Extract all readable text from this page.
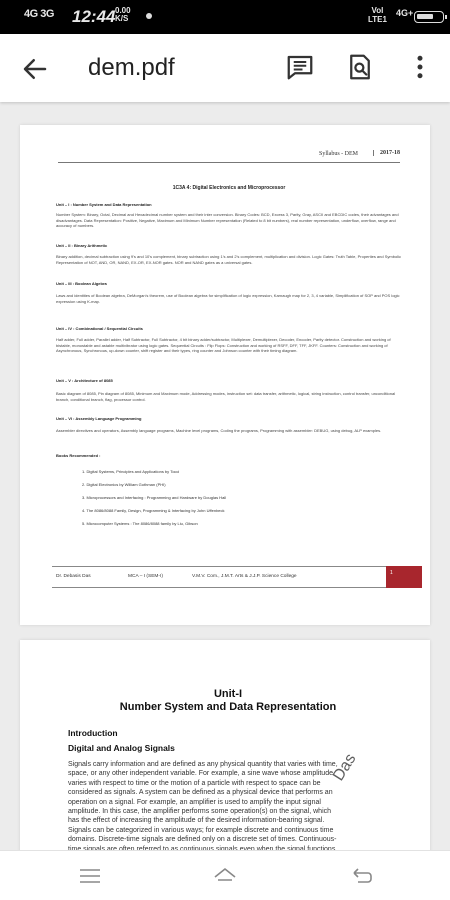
4G 3G 12:44 0.00
K/S
Vol
LTE1
4G+
dem.pdf
Syllabus - DEM	2017-18
1C3A 4: Digital Electronics and Microprocessor
Unit – I : Number System and Data Representation
Number System: Binary, Octal, Decimal and Hexadecimal number system and their inter conversion. Binary Codes: BCD, Excess 3, Parity, Gray, ASCII and EBCDIC codes, their advantages and disadvantages. Data Representation: Positive, Negative, Maximum and Minimum Number representation (Related to 8 bit numbers), real number representation, underflow, overflow, range and accuracy of numbers.
Unit – II : Binary Arithmetic
Binary addition, decimal subtraction using 9's and 10's complement, binary subtraction using 1's and 2's complement, multiplication and division. Logic Gates: Truth Table, Properties and Symbolic Representation of NOT, AND, OR, NAND, EX-OR, EX-NOR gates. NOR and NAND gates as a universal gates.
Unit – III : Boolean Algebra
Laws and identities of Boolean algebra, DeMorgan's theorem, use of Boolean algebra for simplification of logic expression, Karnaugh map for 2, 3, 4 variable, Simplification of SOP and POS logic expression using K-map.
Unit – IV : Combinational / Sequential Circuits
Half adder, Full adder, Parallel adder, Half Subtractor, Full Subtractor, 4 bit binary adder/subtractor, Multiplexer, Demultiplexer, Decoder, Encoder, Parity detector. Construction and working of bistable, monostable and astable multivibrator using logic gates. Sequential Circuits : Flip Flops: Construction and working of RSFF, DFF, TFF, JKFF. Counters: Construction and working of Asynchronous, Synchronous, up-down counter, shift register and their types, ring counter and Johnson counter with their timing diagram.
Unit – V : Architecture of 8085
Basic diagram of 8085, Pin diagram of 8085, Minimum and Maximum mode, Addressing modes, instruction set: data transfer, arithmetic, logical, string instruction, control transfer, unconditional branch, conditional branch, flag, processor control.
Unit – VI : Assembly Language Programming
Assembler directives and operators, Assembly language programs, Machine level programs, Coding the programs, Programming with assembler: DEBUG, using debug, ALP examples.
Books Recommended :
1. Digital Systems, Principles and Applications by Tocci
2. Digital Electronics by William Gothman (PHI)
3. Microprocessors and Interfacing : Programming and Hardware by Douglas Hall
4. The 8086/8088 Family, Design, Programming & Interfacing by John Uffenbeck
5. Microcomputer Systems : The 8086/8088 family by Liu, Gibson
Dr. Debasis Das	MCA – I (SEM-I)	V.M.V. Com., J.M.T. Arts & J.J.P. Science College
1
Unit-I
Number System and Data Representation
Introduction
Digital and Analog Signals
Signals carry information and are defined as any physical quantity that varies with time,
space, or any other independent variable. For example, a sine wave whose amplitude
varies with respect to time or the motion of a particle with respect to space can be
considered as signals. A system can be defined as a physical device that performs an
operation on a signal. For example, an amplifier is used to amplify the input signal
amplitude. In this case, the amplifier performs some operation(s) on the signal, which
has the effect of increasing the amplitude of the desired information-bearing signal.
Signals can be categorized in various ways; for example discrete and continuous time
domains. Discrete-time signals are defined only on a discrete set of times. Continuous-
Das
